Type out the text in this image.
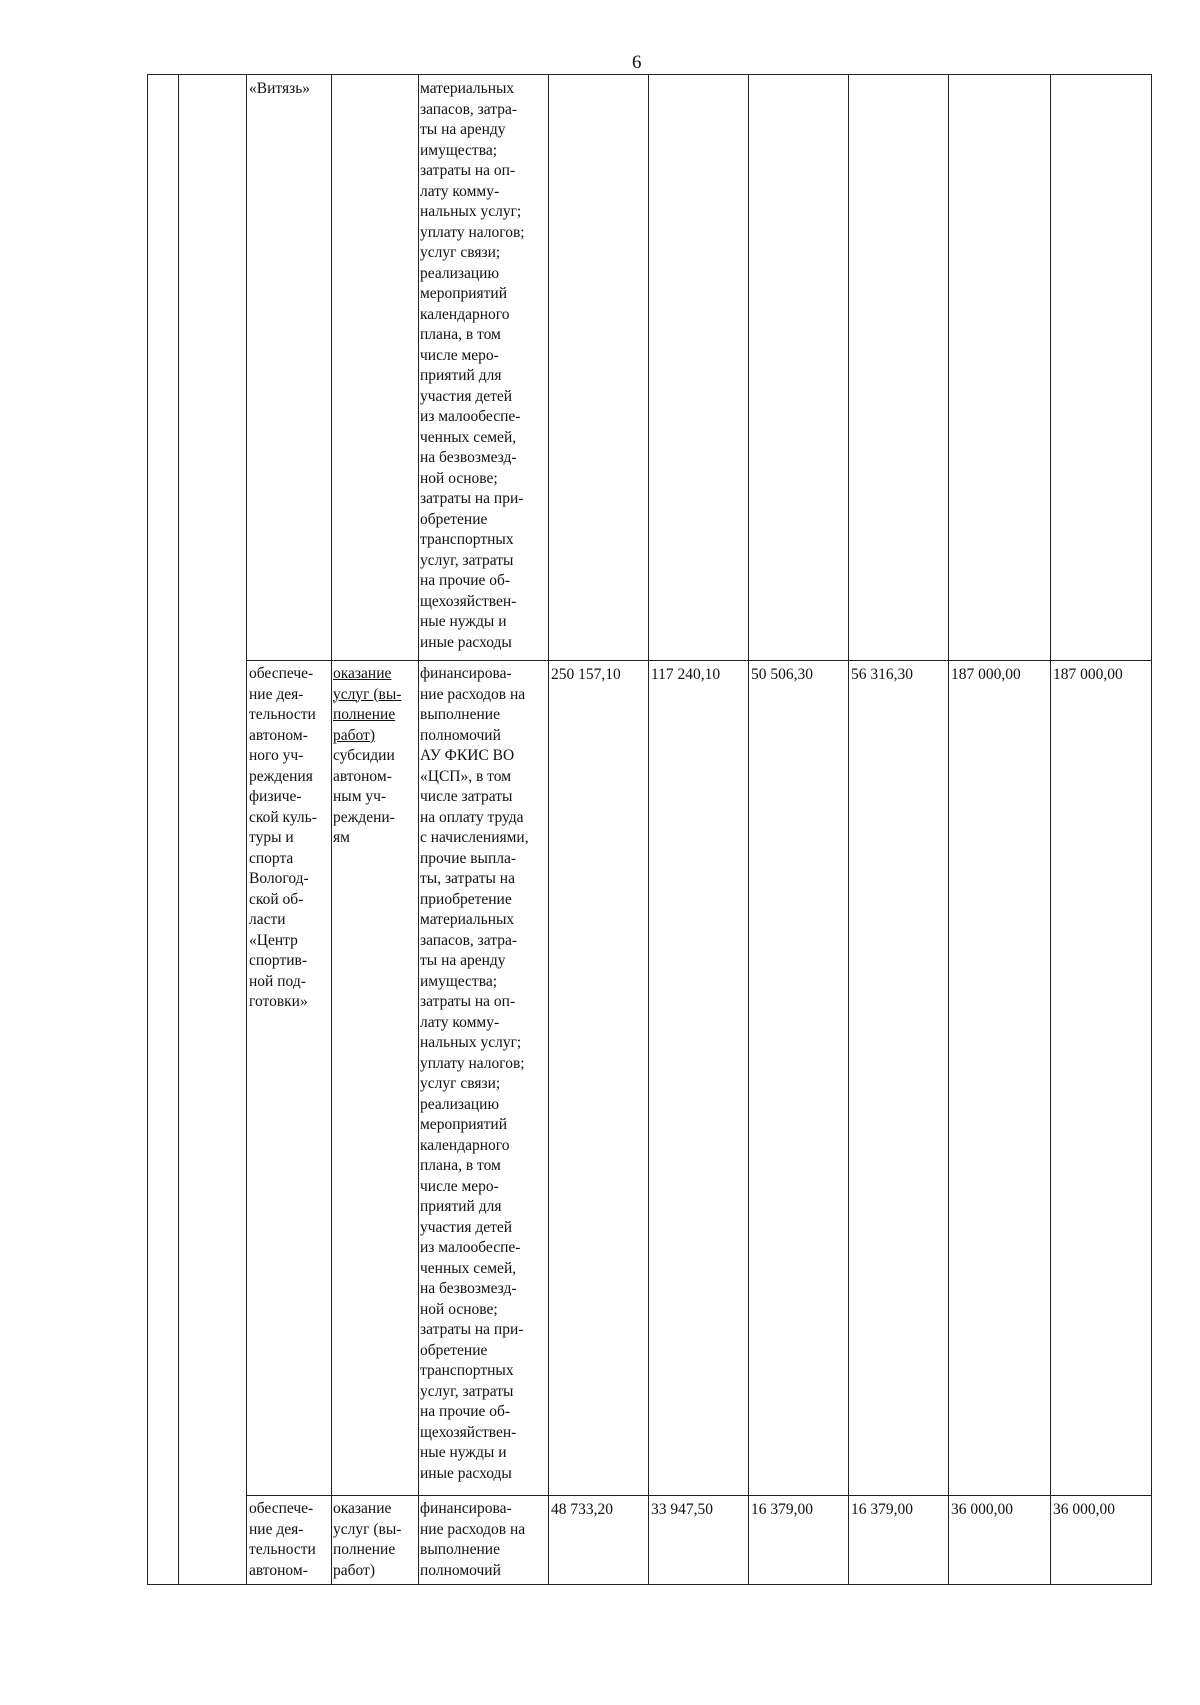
6
«Витязь»	материальных
запасов, затра-
ты на аренду
имущества;
затраты на оп-
лату комму-
нальных услуг;
уплату налогов;
услуг связи;
реализацию
мероприятий
календарного
плана, в том
числе меро-
приятий для
участия детей
из малообеспе-
ченных семей,
на безвозмезд-
ной основе;
затраты на при-
обретение
транспортных
услуг, затраты
на прочие об-
щехозяйствен-
ные нужды и
иные расходы
обеспече-
ние дея-
тельности
автоном-
ного уч-
реждения
физиче-
ской куль-
туры и
спорта
Вологод-
ской об-
ласти
«Центр
спортив-
ной под-
готовки»
оказание
услуг (вы-
полнение
работ)
субсидии
автоном-
ным уч-
реждени-
ям
финансирова-
ние расходов на
выполнение
полномочий
АУ ФКИС ВО
«ЦСП», в том
числе затраты
на оплату труда
с начислениями,
прочие выпла-
ты, затраты на
приобретение
материальных
запасов, затра-
ты на аренду
имущества;
затраты на оп-
лату комму-
нальных услуг;
уплату налогов;
услуг связи;
реализацию
мероприятий
календарного
плана, в том
числе меро-
приятий для
участия детей
из малообеспе-
ченных семей,
на безвозмезд-
ной основе;
затраты на при-
обретение
транспортных
услуг, затраты
на прочие об-
щехозяйствен-
ные нужды и
иные расходы
250 157,10 117 240,10 50 506,30 56 316,30 187 000,00 187 000,00
обеспече-
ние дея-
тельности
автоном-
оказание
услуг (вы-
полнение
работ)
финансирова-
ние расходов на
выполнение
полномочий
48 733,20 33 947,50 16 379,00 16 379,00 36 000,00	36 000,00
